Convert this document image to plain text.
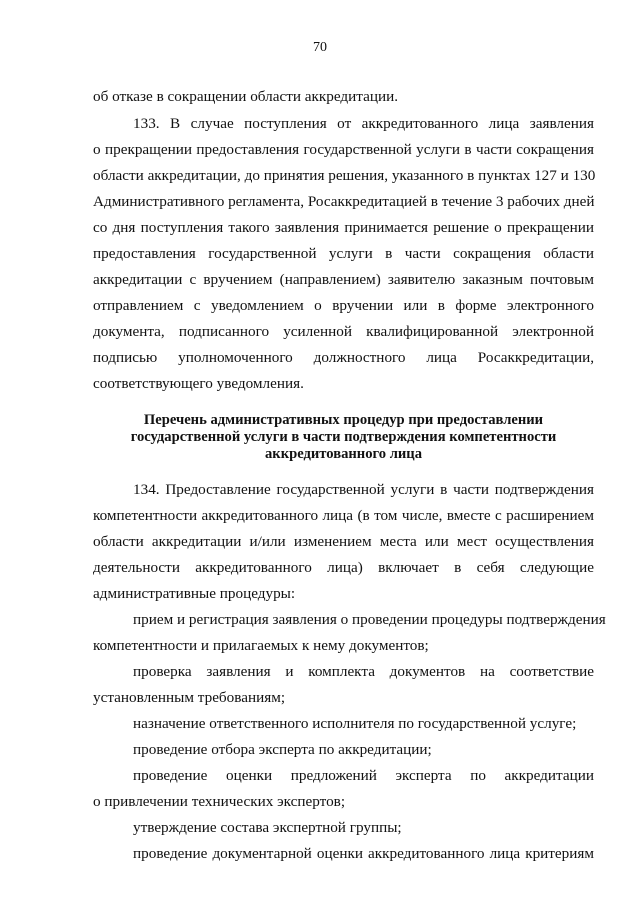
70
об отказе в сокращении области аккредитации.
133. В случае поступления от аккредитованного лица заявления
о прекращении предоставления государственной услуги в части сокращения
области аккредитации, до принятия решения, указанного в пунктах 127 и 130
Административного регламента, Росаккредитацией в течение 3 рабочих дней
со дня поступления такого заявления принимается решение о прекращении
предоставления государственной услуги в части сокращения области
аккредитации с вручением (направлением) заявителю заказным почтовым
отправлением с уведомлением о вручении или в форме электронного
документа, подписанного усиленной квалифицированной электронной
подписью уполномоченного должностного лица Росаккредитации,
соответствующего уведомления.
Перечень административных процедур при предоставлении
государственной услуги в части подтверждения компетентности
аккредитованного лица
134. Предоставление государственной услуги в части подтверждения
компетентности аккредитованного лица (в том числе, вместе с расширением
области аккредитации и/или изменением места или мест осуществления
деятельности аккредитованного лица) включает в себя следующие
административные процедуры:
прием и регистрация заявления о проведении процедуры подтверждения
компетентности и прилагаемых к нему документов;
проверка заявления и комплекта документов на соответствие
установленным требованиям;
назначение ответственного исполнителя по государственной услуге;
проведение отбора эксперта по аккредитации;
проведение оценки предложений эксперта по аккредитации
о привлечении технических экспертов;
утверждение состава экспертной группы;
проведение документарной оценки аккредитованного лица критериям
